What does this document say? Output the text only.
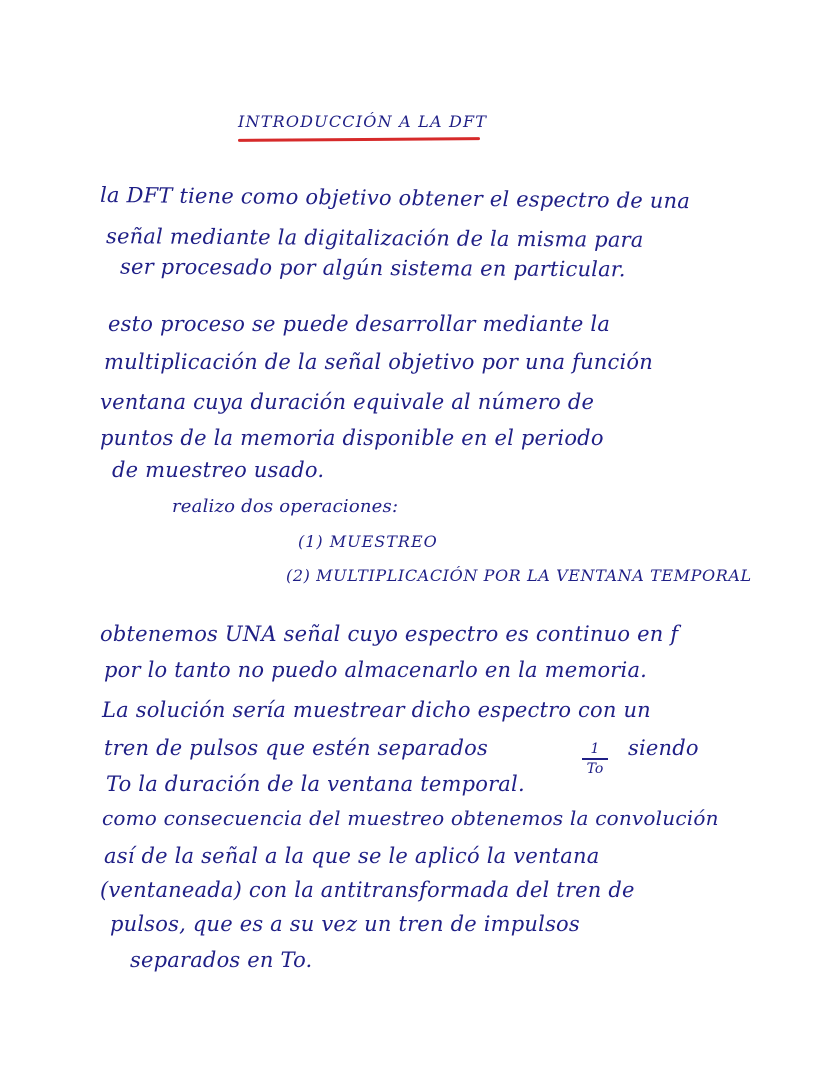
INTRODUCCIÓN A LA DFT

la DFT tiene como objetivo obtener el espectro de una

señal mediante la digitalización de la misma para

ser procesado por algún sistema en particular.

esto proceso se puede desarrollar mediante la

multiplicación de la señal objetivo por una función

ventana cuya duración equivale al número de

puntos de la memoria disponible en el periodo

de muestreo usado.

realizo dos operaciones:

(1) MUESTREO

(2) MULTIPLICACIÓN POR LA VENTANA TEMPORAL

obtenemos UNA señal cuyo espectro es continuo en f

por lo tanto no puedo almacenarlo en la memoria.

La solución sería muestrear dicho espectro con un

tren de pulsos que estén separados	siendo

To la duración de la ventana temporal.

como consecuencia del muestreo obtenemos la convolución

así de la señal a la que se le aplicó la ventana

(ventaneada) con la antitransformada del tren de

pulsos, que es a su vez un tren de impulsos

separados en To.

1
To
